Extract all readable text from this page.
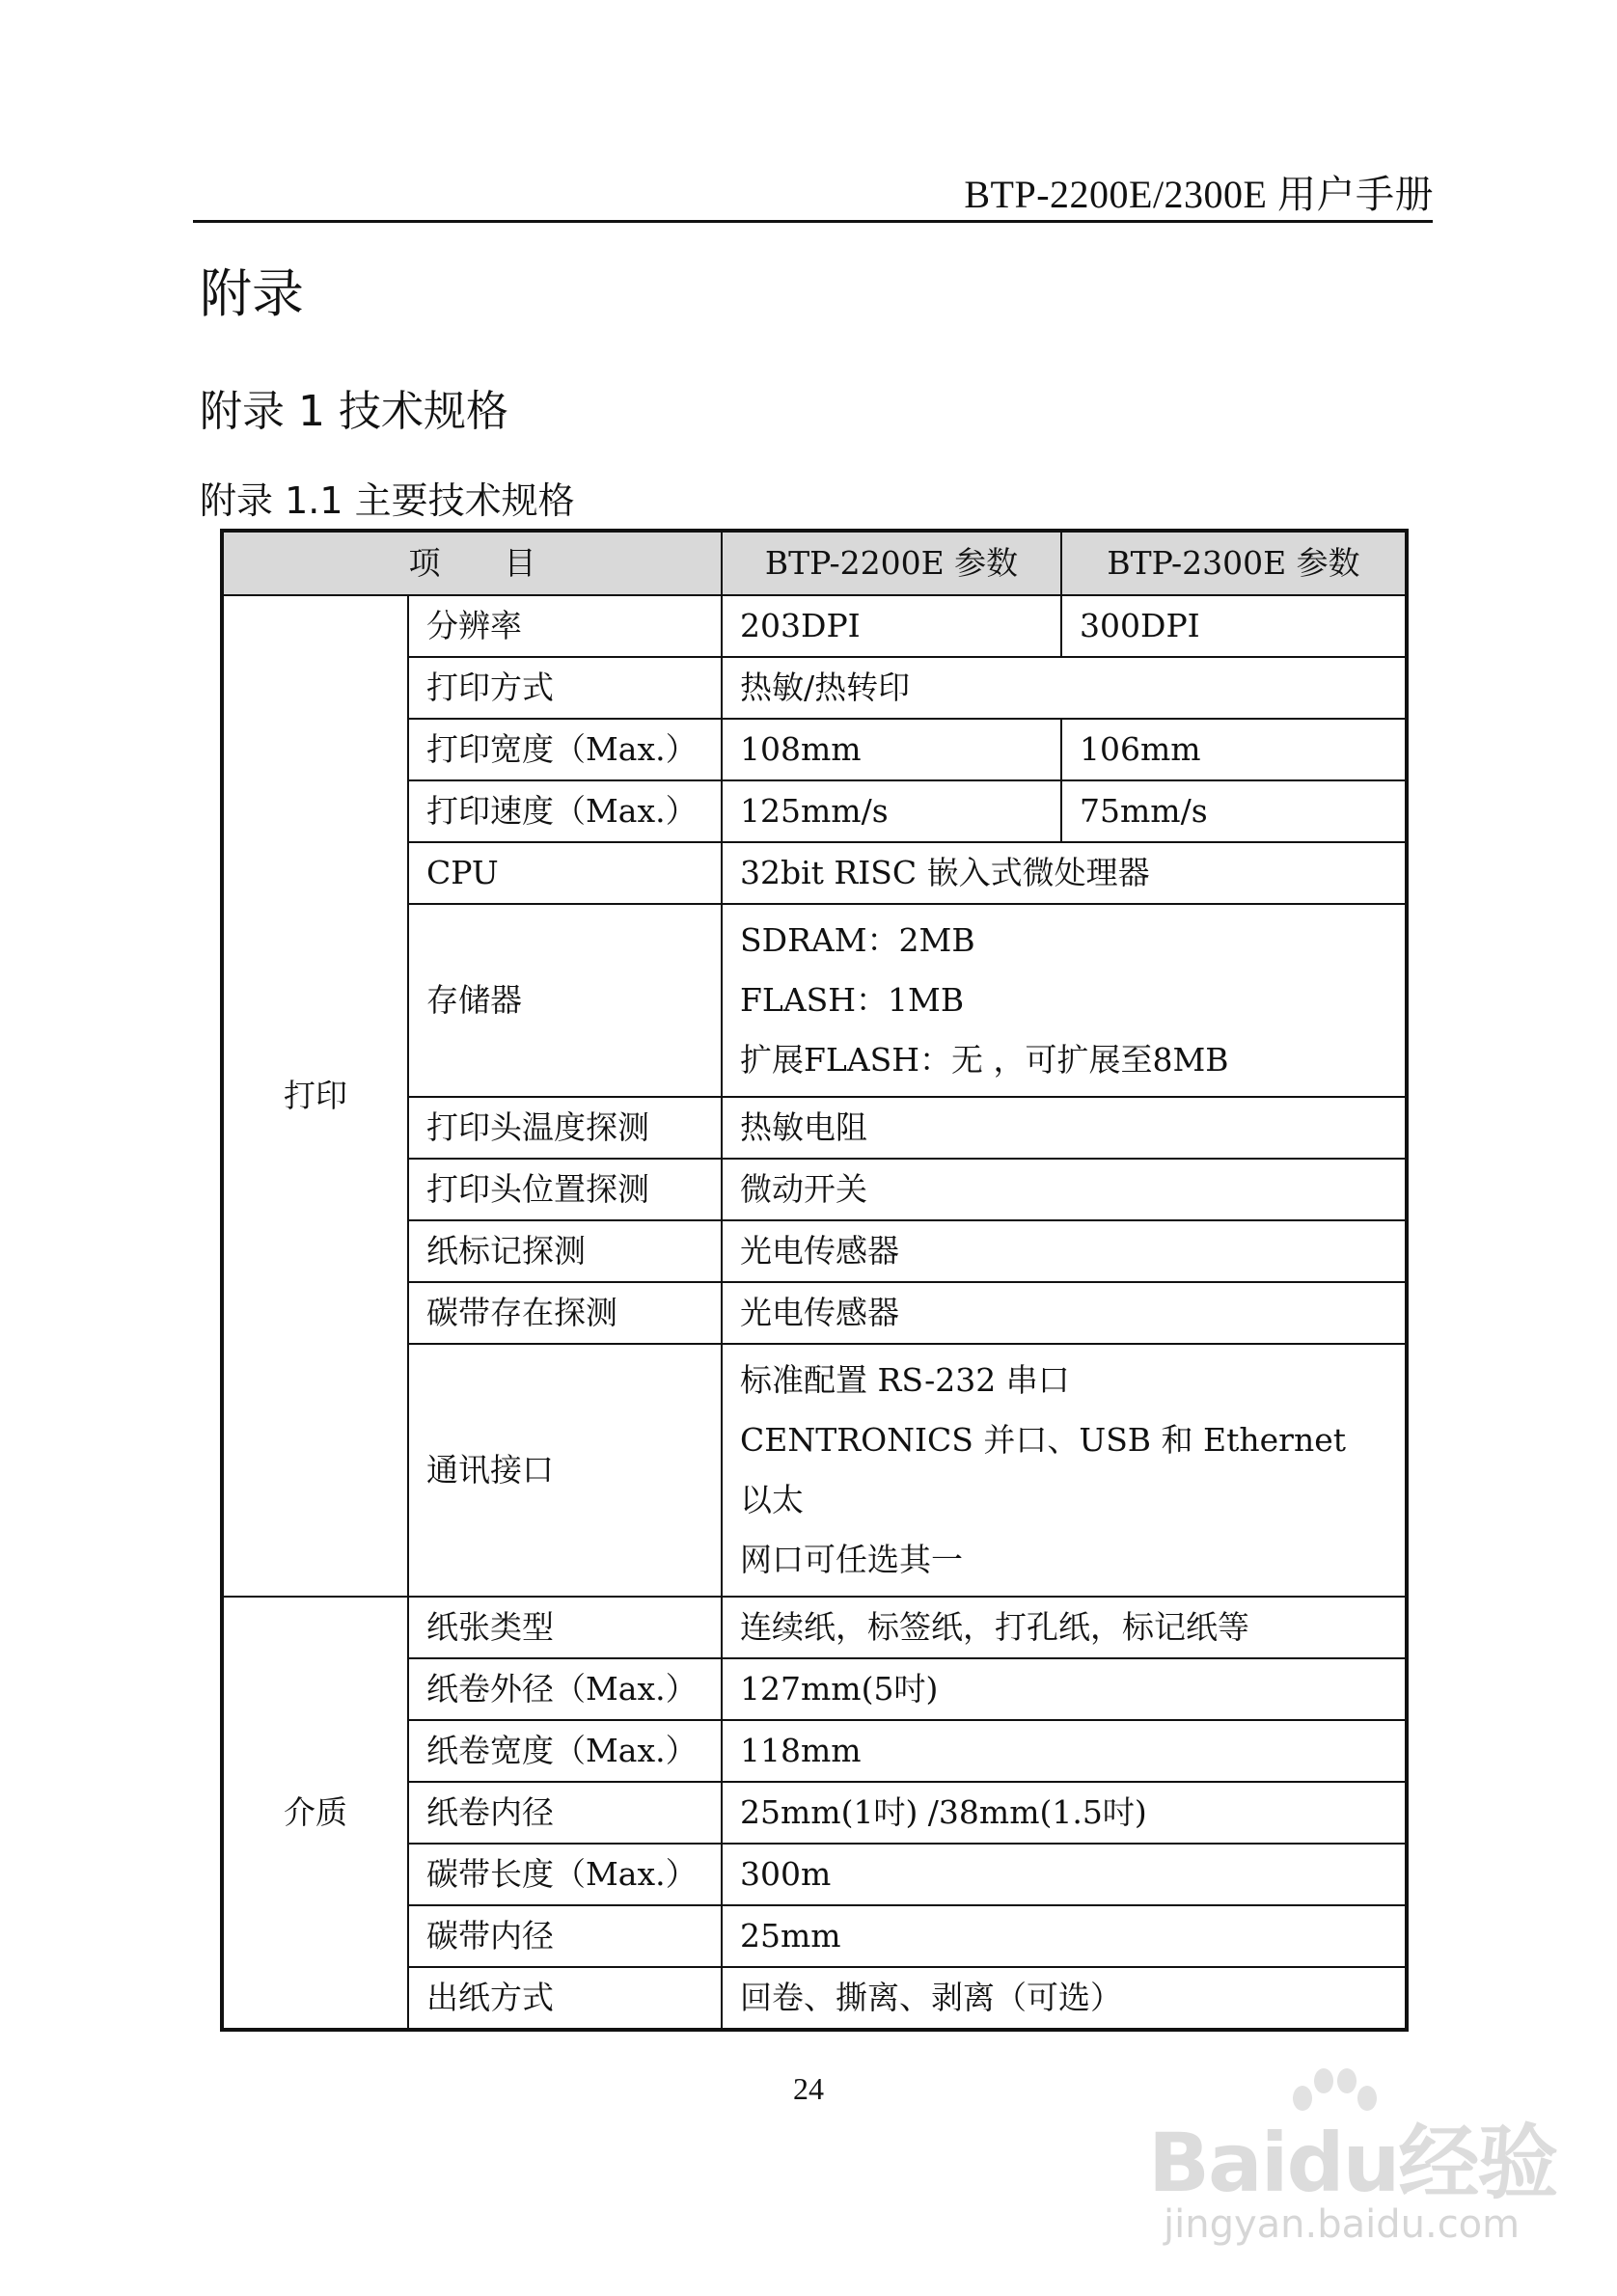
BTP-2200E/2300E 用户手册
附录
附录 1 技术规格
附录 1.1 主要技术规格
项　　目		BTP-2200E 参数	BTP-2300E 参数
打印	分辨率	203DPI	300DPI
	打印方式	热敏/热转印	
	打印宽度（Max.）	108mm	106mm
	打印速度（Max.）	125mm/s	75mm/s
	CPU	32bit RISC 嵌入式微处理器	
	存储器	SDRAM：2MB
FLASH：1MB
扩展FLASH：无 ，可扩展至8MB	

	打印头温度探测	热敏电阻	
	打印头位置探测	微动开关	
	纸标记探测	光电传感器	
	碳带存在探测	光电传感器	
	通讯接口	标准配置 RS-232 串口
CENTRONICS 并口、USB 和 Ethernet 以太
网口可任选其一	

介质	纸张类型	连续纸，标签纸，打孔纸，标记纸等	
	纸卷外径（Max.）	127mm(5吋)	
	纸卷宽度（Max.）	118mm	
	纸卷内径	25mm(1吋) /38mm(1.5吋)	
	碳带长度（Max.）	300m	
	碳带内径	25mm	
	出纸方式	回卷、撕离、剥离（可选）	
24
Baidu经验
jingyan.baidu.com
